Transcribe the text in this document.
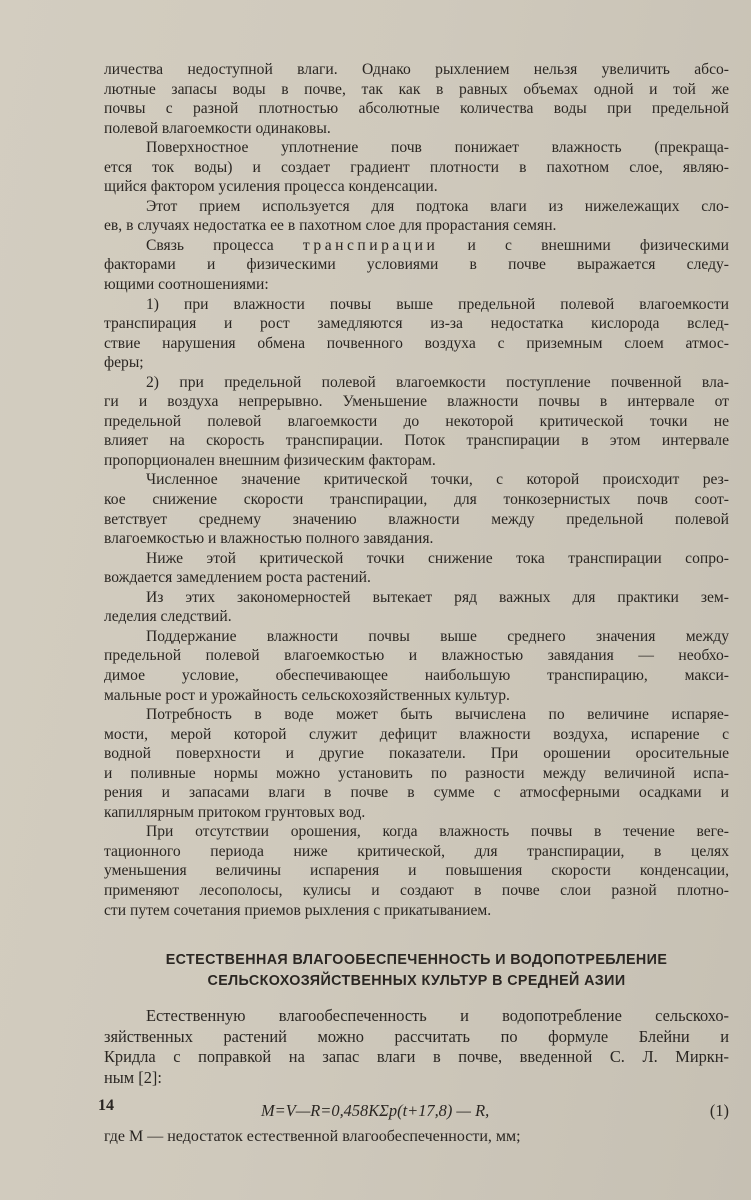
личества недоступной влаги. Однако рыхлением нельзя увеличить абсо-

лютные запасы воды в почве, так как в равных объемах одной и той же

почвы с разной плотностью абсолютные количества воды при предельной

полевой влагоемкости одинаковы.

Поверхностное уплотнение почв понижает влажность (прекраща-

ется ток воды) и создает градиент плотности в пахотном слое, являю-

щийся фактором усиления процесса конденсации.

Этот прием используется для подтока влаги из нижележащих сло-

ев, в случаях недостатка ее в пахотном слое для прорастания семян.

Связь процесса транспирации и с внешними физическими

факторами и физическими условиями в почве выражается следу-

ющими соотношениями:

1) при влажности почвы выше предельной полевой влагоемкости

транспирация и рост замедляются из-за недостатка кислорода вслед-

ствие нарушения обмена почвенного воздуха с приземным слоем атмос-

феры;

2) при предельной полевой влагоемкости поступление почвенной вла-

ги и воздуха непрерывно. Уменьшение влажности почвы в интервале от

предельной полевой влагоемкости до некоторой критической точки не

влияет на скорость транспирации. Поток транспирации в этом интервале

пропорционален внешним физическим факторам.

Численное значение критической точки, с которой происходит рез-

кое снижение скорости транспирации, для тонкозернистых почв соот-

ветствует среднему значению влажности между предельной полевой

влагоемкостью и влажностью полного завядания.

Ниже этой критической точки снижение тока транспирации сопро-

вождается замедлением роста растений.

Из этих закономерностей вытекает ряд важных для практики зем-

леделия следствий.

Поддержание влажности почвы выше среднего значения между

предельной полевой влагоемкостью и влажностью завядания — необхо-

димое условие, обеспечивающее наибольшую транспирацию, макси-

мальные рост и урожайность сельскохозяйственных культур.

Потребность в воде может быть вычислена по величине испаряе-

мости, мерой которой служит дефицит влажности воздуха, испарение с

водной поверхности и другие показатели. При орошении оросительные

и поливные нормы можно установить по разности между величиной испа-

рения и запасами влаги в почве в сумме с атмосферными осадками и

капиллярным притоком грунтовых вод.

При отсутствии орошения, когда влажность почвы в течение веге-

тационного периода ниже критической, для транспирации, в целях

уменьшения величины испарения и повышения скорости конденсации,

применяют лесополосы, кулисы и создают в почве слои разной плотно-

сти путем сочетания приемов рыхления с прикатыванием.

ЕСТЕСТВЕННАЯ ВЛАГООБЕСПЕЧЕННОСТЬ И ВОДОПОТРЕБЛЕНИЕ
СЕЛЬСКОХОЗЯЙСТВЕННЫХ КУЛЬТУР В СРЕДНЕЙ АЗИИ

Естественную влагообеспеченность и водопотребление сельскохо-
зяйственных растений можно рассчитать по формуле Блейни и
Кридла с поправкой на запас влаги в почве, введенной С. Л. Миркн-

ным [2]:

M=V—R=0,458KΣp(t+17,8) — R,	(1)
где M — недостаток естественной влагообеспеченности, мм;
14
